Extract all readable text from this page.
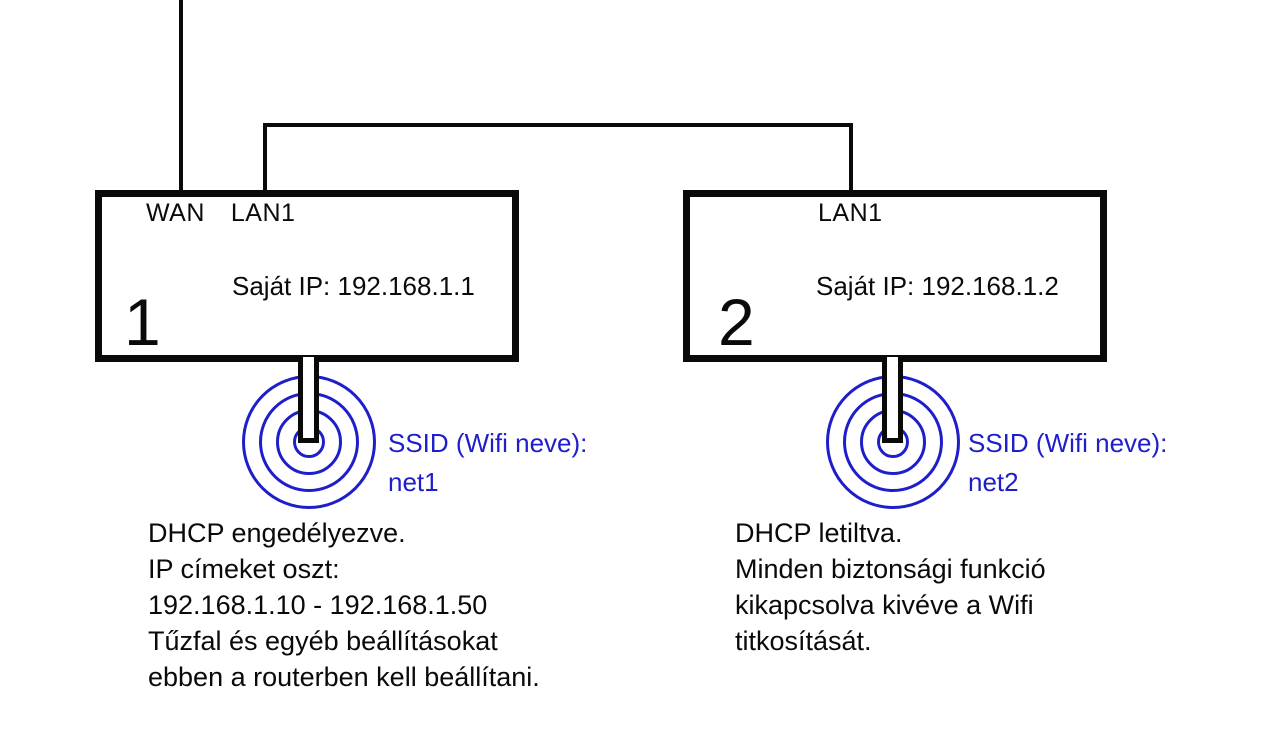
WAN LAN1
1	Saját IP: 192.168.1.1
LAN1
2 Saját IP: 192.168.1.2
SSID (Wifi neve):
net1
SSID (Wifi neve):
net2
DHCP engedélyezve.
IP címeket oszt:
192.168.1.10 - 192.168.1.50
Tűzfal és egyéb beállításokat
ebben a routerben kell beállítani.
DHCP letiltva.
Minden biztonsági funkció
kikapcsolva kivéve a Wifi
titkosítását.
